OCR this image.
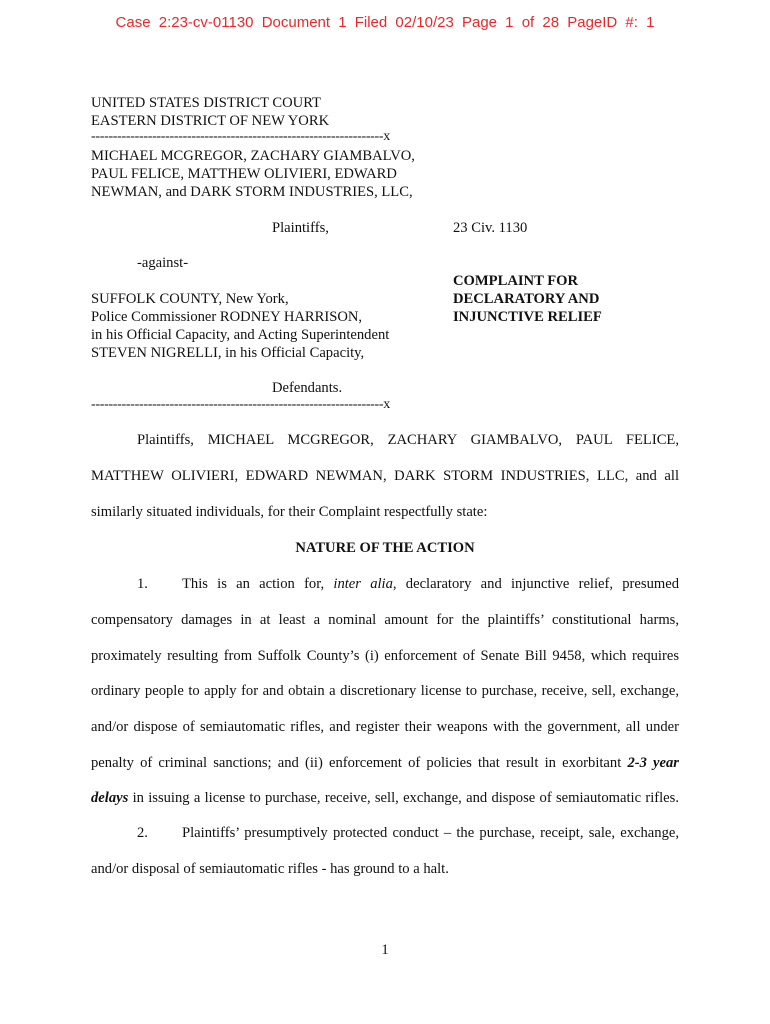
Case 2:23-cv-01130 Document 1 Filed 02/10/23 Page 1 of 28 PageID #: 1
UNITED STATES DISTRICT COURT
EASTERN DISTRICT OF NEW YORK
-------------------------------------------------------------------x
MICHAEL MCGREGOR, ZACHARY GIAMBALVO,
PAUL FELICE, MATTHEW OLIVIERI, EDWARD
NEWMAN, and DARK STORM INDUSTRIES, LLC,
Plaintiffs,	23 Civ. 1130
-against-
COMPLAINT FOR
DECLARATORY AND
INJUNCTIVE RELIEF
SUFFOLK COUNTY, New York,
Police Commissioner RODNEY HARRISON,
in his Official Capacity, and Acting Superintendent
STEVEN NIGRELLI, in his Official Capacity,
Defendants.
-------------------------------------------------------------------x
Plaintiffs, MICHAEL MCGREGOR, ZACHARY GIAMBALVO, PAUL FELICE,
MATTHEW OLIVIERI, EDWARD NEWMAN, DARK STORM INDUSTRIES, LLC, and all
similarly situated individuals, for their Complaint respectfully state:
NATURE OF THE ACTION
1. This is an action for, inter alia, declaratory and injunctive relief, presumed
compensatory damages in at least a nominal amount for the plaintiffs’ constitutional harms,
proximately resulting from Suffolk County’s (i) enforcement of Senate Bill 9458, which requires
ordinary people to apply for and obtain a discretionary license to purchase, receive, sell, exchange,
and/or dispose of semiautomatic rifles, and register their weapons with the government, all under
penalty of criminal sanctions; and (ii) enforcement of policies that result in exorbitant 2-3 year
delays in issuing a license to purchase, receive, sell, exchange, and dispose of semiautomatic rifles.
2. Plaintiffs’ presumptively protected conduct – the purchase, receipt, sale, exchange,
and/or disposal of semiautomatic rifles - has ground to a halt.
1
